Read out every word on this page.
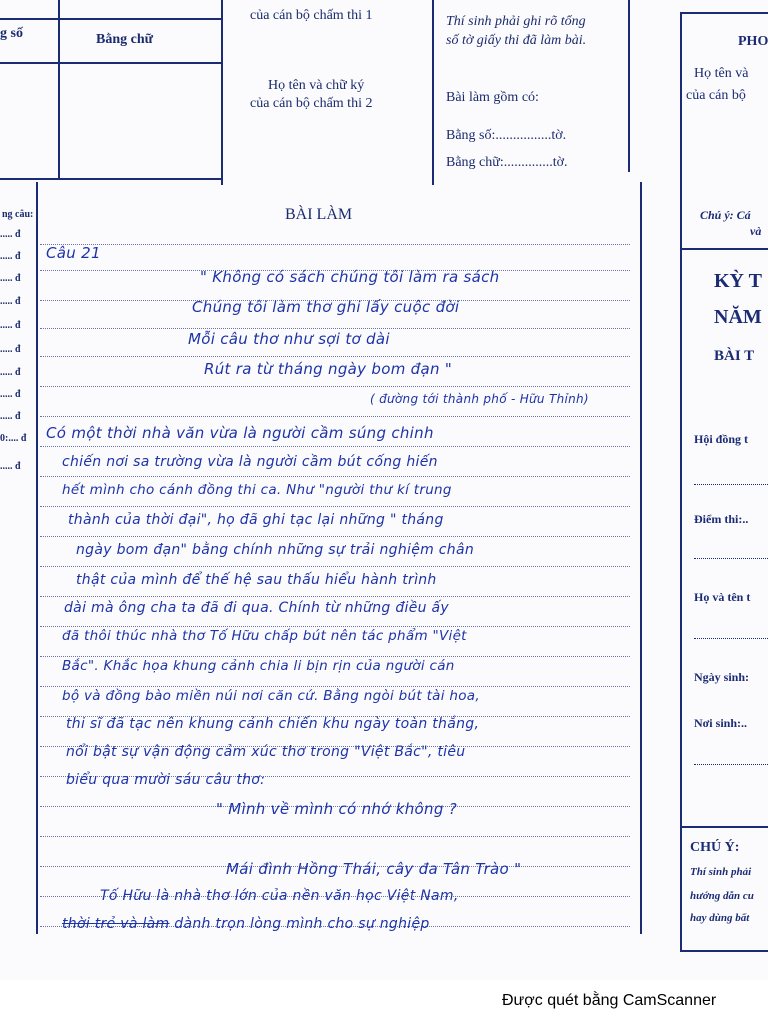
g số	Bằng chữ
của cán bộ chấm thi 1
Họ tên và chữ ký
của cán bộ chấm thi 2
Thí sinh phải ghi rõ tổng
số tờ giấy thi đã làm bài.
Bài làm gồm có:
Bằng số:................tờ.
Bằng chữ:..............tờ.
ng câu:
..... đ
..... đ
..... đ
..... đ
..... đ
..... đ
..... đ
..... đ
..... đ
0:.... đ
..... đ
BÀI LÀM
Câu 21
" Không có sách chúng tôi làm ra sách
Chúng tôi làm thơ ghi lấy cuộc đời
Mỗi câu thơ như sợi tơ dài
Rút ra từ tháng ngày bom đạn "
( đường tới thành phố - Hữu Thỉnh)
Có một thời nhà văn vừa là người cầm súng chinh
chiến nơi sa trường vừa là người cầm bút cống hiến
hết mình cho cánh đồng thi ca. Như "người thư kí trung
thành của thời đại", họ đã ghi tạc lại những " tháng
ngày bom đạn" bằng chính những sự trải nghiệm chân
thật của mình để thế hệ sau thấu hiểu hành trình
dài mà ông cha ta đã đi qua. Chính từ những điều ấy
đã thôi thúc nhà thơ Tố Hữu chấp bút nên tác phẩm "Việt
Bắc". Khắc họa khung cảnh chia li bịn rịn của người cán
bộ và đồng bào miền núi nơi căn cứ. Bằng ngòi bút tài hoa,
thi sĩ đã tạc nên khung cảnh chiến khu ngày toàn thắng,
nổi bật sự vận động cảm xúc thơ trong "Việt Bắc", tiêu
biểu qua mười sáu câu thơ:
" Mình về mình có nhớ không ?
Mái đình Hồng Thái, cây đa Tân Trào "
Tố Hữu là nhà thơ lớn của nền văn học Việt Nam,
thời trẻ và làm dành trọn lòng mình cho sự nghiệp
PHO
Họ tên và
của cán bộ
Chú ý: Cá
và
KỲ T
NĂM
BÀI T
Hội đồng t
Điểm thi:..
Họ và tên t
Ngày sinh:
Nơi sinh:..
CHÚ Ý:
Thí sinh phải
hướng dẫn cu
hay dùng bất
Được quét bằng CamScanner
